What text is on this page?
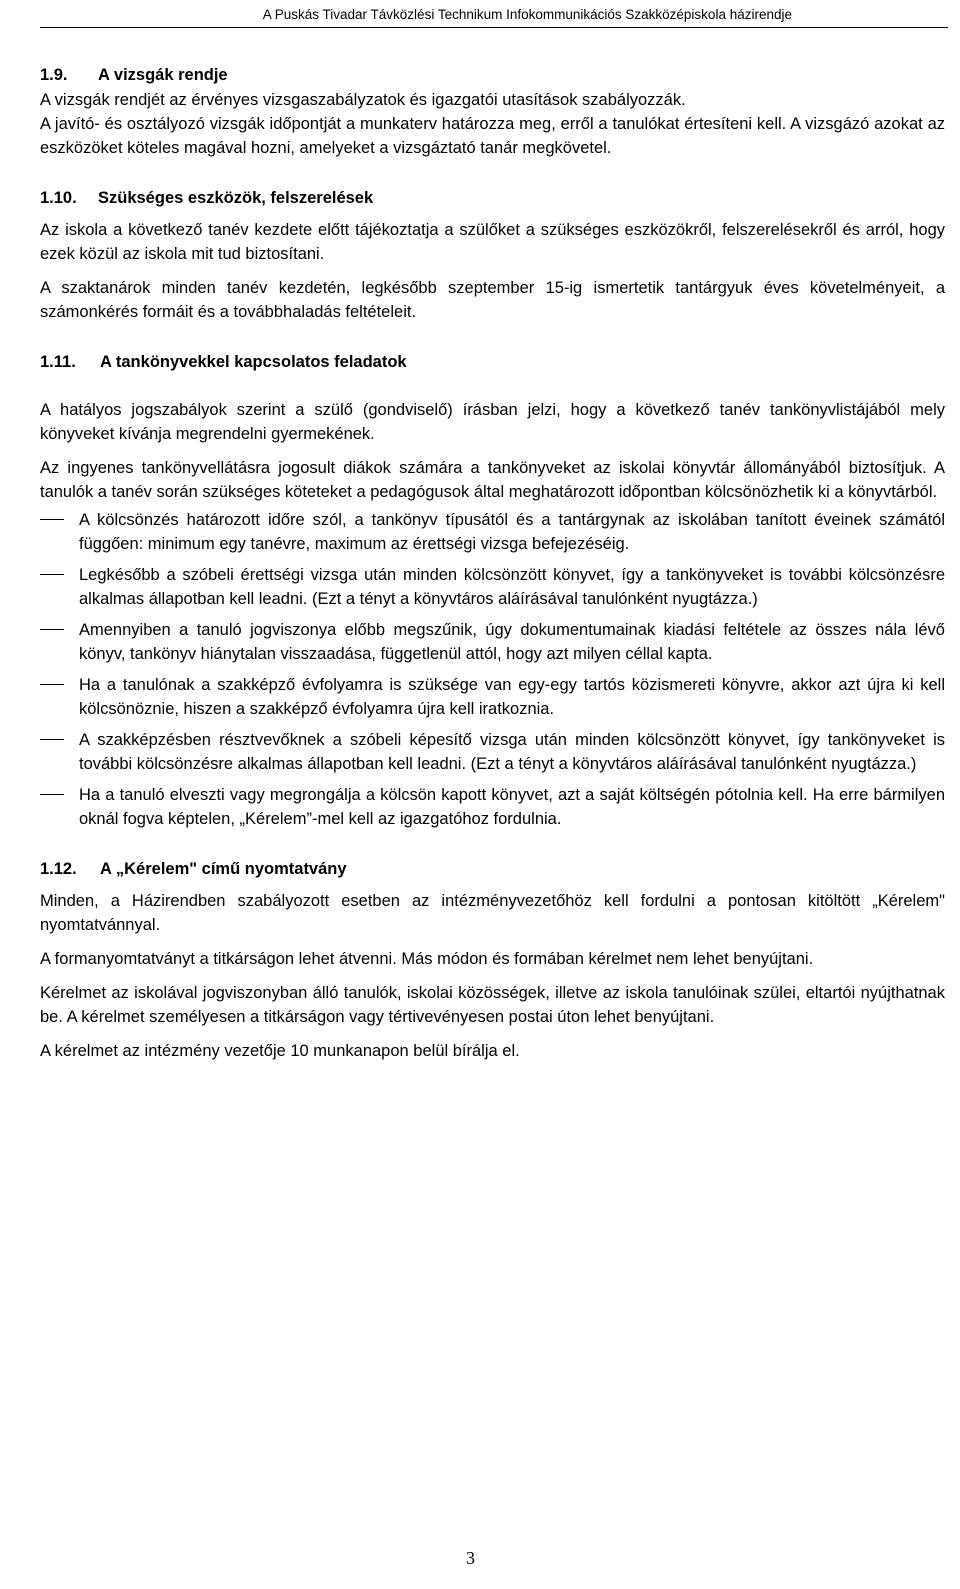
A Puskás Tivadar Távközlési Technikum Infokommunikációs Szakközépiskola házirendje
1.9. A vizsgák rendje

A vizsgák rendjét az érvényes vizsgaszabályzatok és igazgatói utasítások szabályozzák.

A javító- és osztályozó vizsgák időpontját a munkaterv határozza meg, erről a tanulókat értesíteni kell. A vizsgázó azokat az eszközöket köteles magával hozni, amelyeket a vizsgáztató tanár megkövetel.

1.10. Szükséges eszközök, felszerelések

Az iskola a következő tanév kezdete előtt tájékoztatja a szülőket a szükséges eszközökről, felszerelésekről és arról, hogy ezek közül az iskola mit tud biztosítani.

A szaktanárok minden tanév kezdetén, legkésőbb szeptember 15-ig ismertetik tantárgyuk éves követelményeit, a számonkérés formáit és a továbbhaladás feltételeit.

1.11. A tankönyvekkel kapcsolatos feladatok

A hatályos jogszabályok szerint a szülő (gondviselő) írásban jelzi, hogy a következő tanév tankönyvlistájából mely könyveket kívánja megrendelni gyermekének.

Az ingyenes tankönyvellátásra jogosult diákok számára a tankönyveket az iskolai könyvtár állományából biztosítjuk. A tanulók a tanév során szükséges köteteket a pedagógusok által meghatározott időpontban kölcsönözhetik ki a könyvtárból.

A kölcsönzés határozott időre szól, a tankönyv típusától és a tantárgynak az iskolában tanított éveinek számától függően: minimum egy tanévre, maximum az érettségi vizsga befejezéséig.
Legkésőbb a szóbeli érettségi vizsga után minden kölcsönzött könyvet, így a tankönyveket is további kölcsönzésre alkalmas állapotban kell leadni. (Ezt a tényt a könyvtáros aláírásával tanulónként nyugtázza.)
Amennyiben a tanuló jogviszonya előbb megszűnik, úgy dokumentumainak kiadási feltétele az összes nála lévő könyv, tankönyv hiánytalan visszaadása, függetlenül attól, hogy azt milyen céllal kapta.
Ha a tanulónak a szakképző évfolyamra is szüksége van egy-egy tartós közismereti könyvre, akkor azt újra ki kell kölcsönöznie, hiszen a szakképző évfolyamra újra kell iratkoznia.
A szakképzésben résztvevőknek a szóbeli képesítő vizsga után minden kölcsönzött könyvet, így tankönyveket is további kölcsönzésre alkalmas állapotban kell leadni. (Ezt a tényt a könyvtáros aláírásával tanulónként nyugtázza.)
Ha a tanuló elveszti vagy megrongálja a kölcsön kapott könyvet, azt a saját költségén pótolnia kell. Ha erre bármilyen oknál fogva képtelen, „Kérelem”-mel kell az igazgatóhoz fordulnia.
1.12. A „Kérelem" című nyomtatvány

Minden, a Házirendben szabályozott esetben az intézményvezetőhöz kell fordulni a pontosan kitöltött „Kérelem" nyomtatvánnyal.

A formanyomtatványt a titkárságon lehet átvenni. Más módon és formában kérelmet nem lehet benyújtani.

Kérelmet az iskolával jogviszonyban álló tanulók, iskolai közösségek, illetve az iskola tanulóinak szülei, eltartói nyújthatnak be. A kérelmet személyesen a titkárságon vagy tértivevényesen postai úton lehet benyújtani.

A kérelmet az intézmény vezetője 10 munkanapon belül bírálja el.

3
